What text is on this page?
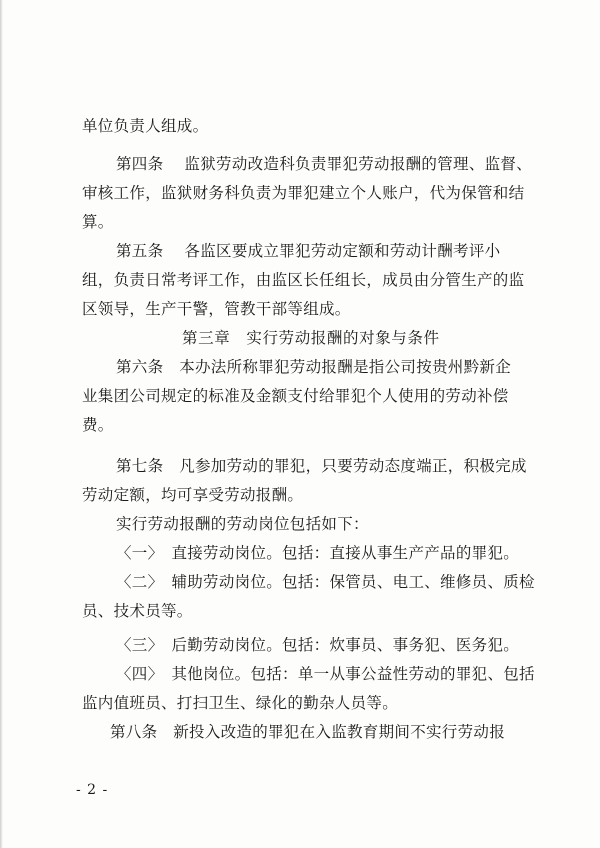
单位负责人组成。
第四条　 监狱劳动改造科负责罪犯劳动报酬的管理、监督、
审核工作，监狱财务科负责为罪犯建立个人账户，代为保管和结
算。
第五条　 各监区要成立罪犯劳动定额和劳动计酬考评小
组，负责日常考评工作，由监区长任组长，成员由分管生产的监
区领导，生产干警，管教干部等组成。
第三章　实行劳动报酬的对象与条件
第六条　本办法所称罪犯劳动报酬是指公司按贵州黔新企
业集团公司规定的标准及金额支付给罪犯个人使用的劳动补偿
费。
第七条　凡参加劳动的罪犯，只要劳动态度端正，积极完成
劳动定额，均可享受劳动报酬。
实行劳动报酬的劳动岗位包括如下：
〈一〉　直接劳动岗位。包括：直接从事生产产品的罪犯。
〈二〉　辅助劳动岗位。包括：保管员、电工、维修员、质检
员、技术员等。
〈三〉　后勤劳动岗位。包括：炊事员、事务犯、医务犯。
〈四〉　其他岗位。包括：单一从事公益性劳动的罪犯、包括
监内值班员、打扫卫生、绿化的勤杂人员等。
第八条　新投入改造的罪犯在入监教育期间不实行劳动报
- 2 -
